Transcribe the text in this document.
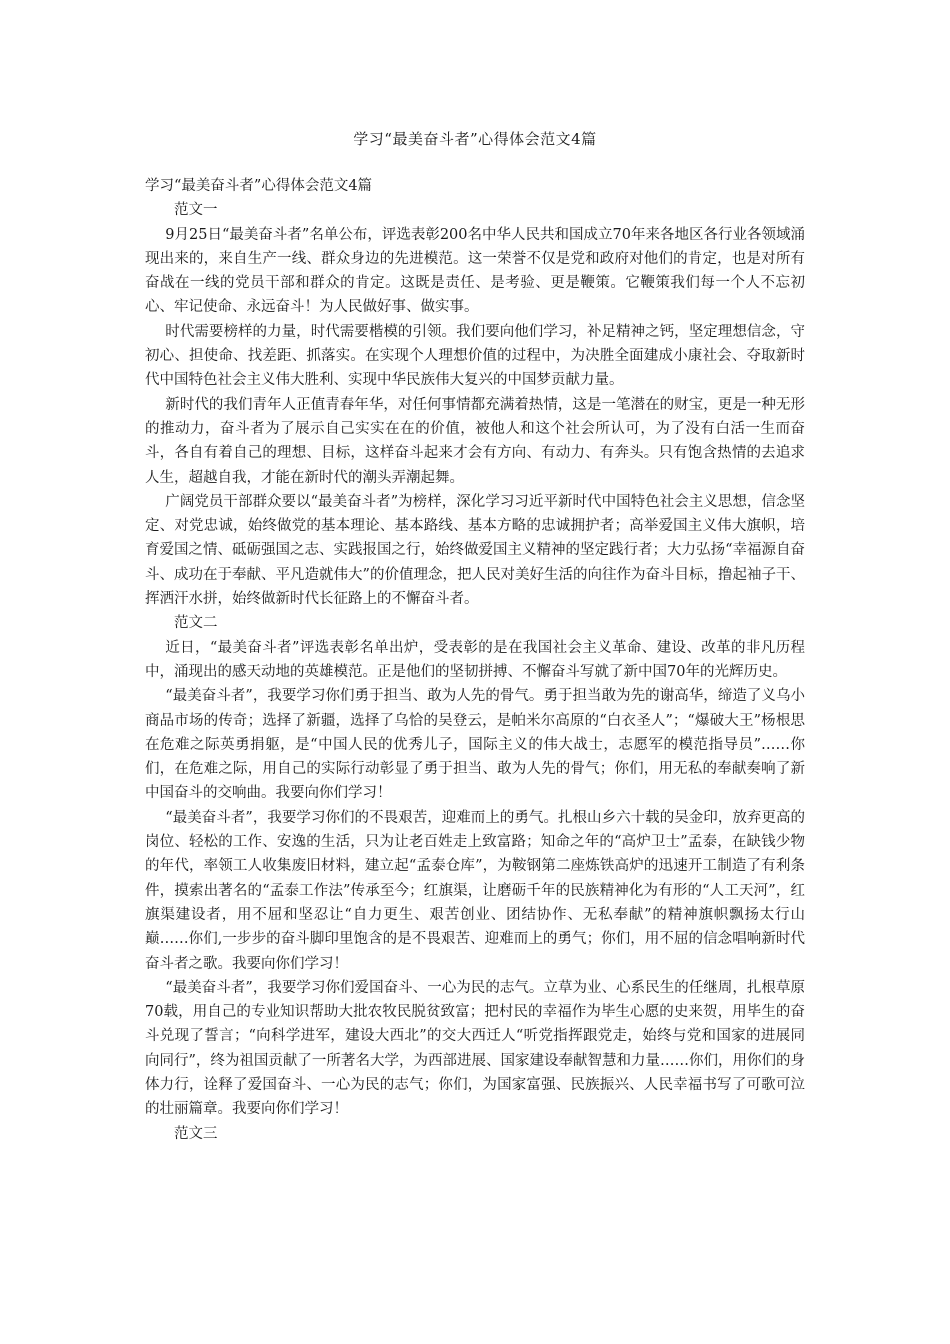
学习“最美奋斗者”心得体会范文4篇

学习“最美奋斗者”心得体会范文4篇

范文一

9月25日“最美奋斗者”名单公布，评选表彰200名中华人民共和国成立70年来各地区各行业各领域涌现出来的，来自生产一线、群众身边的先进模范。这一荣誉不仅是党和政府对他们的肯定，也是对所有奋战在一线的党员干部和群众的肯定。这既是责任、是考验、更是鞭策。它鞭策我们每一个人不忘初心、牢记使命、永远奋斗！为人民做好事、做实事。

时代需要榜样的力量，时代需要楷模的引领。我们要向他们学习，补足精神之钙，坚定理想信念，守初心、担使命、找差距、抓落实。在实现个人理想价值的过程中，为决胜全面建成小康社会、夺取新时代中国特色社会主义伟大胜利、实现中华民族伟大复兴的中国梦贡献力量。

新时代的我们青年人正值青春年华，对任何事情都充满着热情，这是一笔潜在的财宝，更是一种无形的推动力，奋斗者为了展示自己实实在在的价值，被他人和这个社会所认可，为了没有白活一生而奋斗，各自有着自己的理想、目标，这样奋斗起来才会有方向、有动力、有奔头。只有饱含热情的去追求人生，超越自我，才能在新时代的潮头弄潮起舞。

广阔党员干部群众要以“最美奋斗者”为榜样，深化学习习近平新时代中国特色社会主义思想，信念坚定、对党忠诚，始终做党的基本理论、基本路线、基本方略的忠诚拥护者；高举爱国主义伟大旗帜，培育爱国之情、砥砺强国之志、实践报国之行，始终做爱国主义精神的坚定践行者；大力弘扬“幸福源自奋斗、成功在于奉献、平凡造就伟大”的价值理念，把人民对美好生活的向往作为奋斗目标，撸起袖子干、挥洒汗水拼，始终做新时代长征路上的不懈奋斗者。

范文二

近日，“最美奋斗者”评选表彰名单出炉，受表彰的是在我国社会主义革命、建设、改革的非凡历程中，涌现出的感天动地的英雄模范。正是他们的坚韧拼搏、不懈奋斗写就了新中国70年的光辉历史。

“最美奋斗者”，我要学习你们勇于担当、敢为人先的骨气。勇于担当敢为先的谢高华，缔造了义乌小商品市场的传奇；选择了新疆，选择了乌恰的吴登云，是帕米尔高原的“白衣圣人”；“爆破大王”杨根思在危难之际英勇捐躯，是“中国人民的优秀儿子，国际主义的伟大战士，志愿军的模范指导员”……你们，在危难之际，用自己的实际行动彰显了勇于担当、敢为人先的骨气；你们，用无私的奉献奏响了新中国奋斗的交响曲。我要向你们学习！

“最美奋斗者”，我要学习你们的不畏艰苦，迎难而上的勇气。扎根山乡六十载的吴金印，放弃更高的岗位、轻松的工作、安逸的生活，只为让老百姓走上致富路；知命之年的“高炉卫士”孟泰，在缺钱少物的年代，率领工人收集废旧材料，建立起“孟泰仓库”，为鞍钢第二座炼铁高炉的迅速开工制造了有利条件，摸索出著名的“孟泰工作法”传承至今；红旗渠，让磨砺千年的民族精神化为有形的“人工天河”，红旗渠建设者，用不屈和坚忍让“自力更生、艰苦创业、团结协作、无私奉献”的精神旗帜飘扬太行山巅……你们,一步步的奋斗脚印里饱含的是不畏艰苦、迎难而上的勇气；你们，用不屈的信念唱响新时代奋斗者之歌。我要向你们学习！

“最美奋斗者”，我要学习你们爱国奋斗、一心为民的志气。立草为业、心系民生的任继周，扎根草原70载，用自己的专业知识帮助大批农牧民脱贫致富；把村民的幸福作为毕生心愿的史来贺，用毕生的奋斗兑现了誓言；“向科学进军，建设大西北”的交大西迁人“听党指挥跟党走，始终与党和国家的进展同向同行”，终为祖国贡献了一所著名大学，为西部进展、国家建设奉献智慧和力量……你们，用你们的身体力行，诠释了爱国奋斗、一心为民的志气；你们，为国家富强、民族振兴、人民幸福书写了可歌可泣的壮丽篇章。我要向你们学习！

范文三
